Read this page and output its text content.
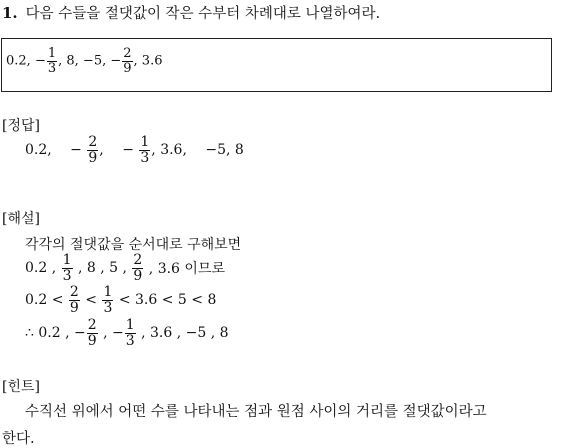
1. 다음 수들을 절댓값이 작은 수부터 차례대로 나열하여라.
0.2, − $\frac{1}{3}$ , 8, −5, − $\frac{2}{9}$ , 3.6
[정답]
0.2, − $\frac{2}{9}$ , − $\frac{1}{3}$ , 3.6, −5, 8
[해설]
각각의 절댓값을 순서대로 구해보면
0.2 , $\frac{1}{3}$ , 8 , 5 , $\frac{2}{9}$ , 3.6 이므로
$0.2 < \frac{2}{9} < \frac{1}{3} < 3.6 < 5 < 8$
∴ 0.2 , − $\frac{2}{9}$ , − $\frac{1}{3}$ , 3.6 , −5 , 8
[힌트]
수직선 위에서 어떤 수를 나타내는 점과 원점 사이의 거리를 절댓값이라고
한다.
